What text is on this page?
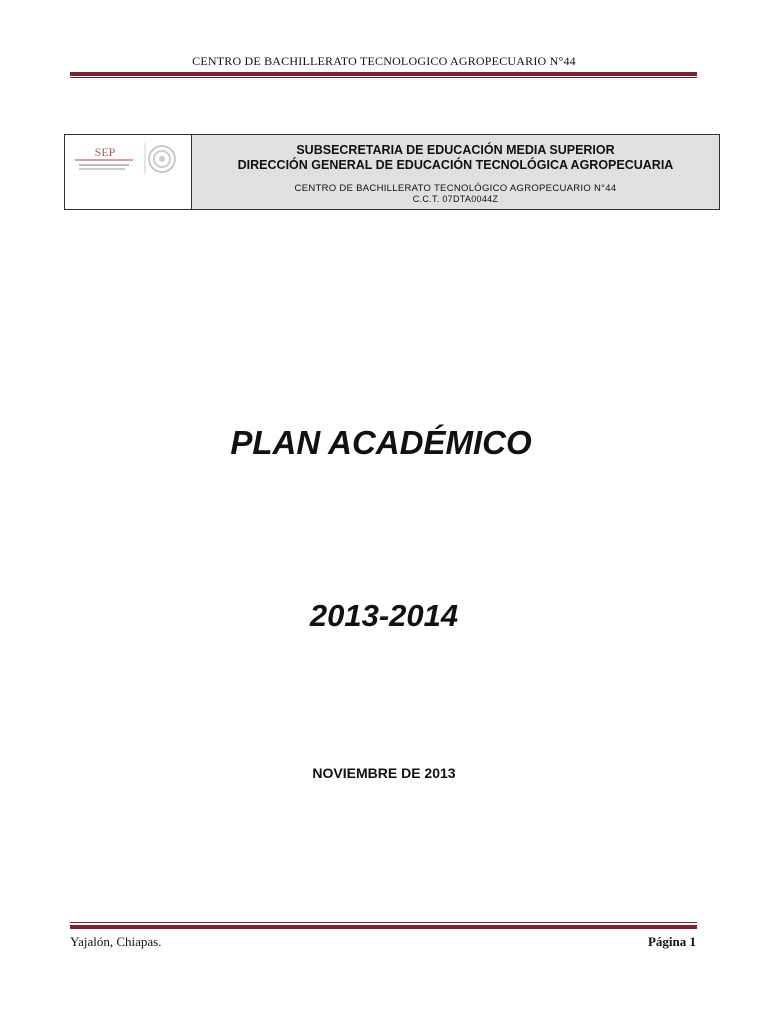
CENTRO DE BACHILLERATO TECNOLOGICO AGROPECUARIO N°44
SEP	SUBSECRETARIA DE EDUCACIÓN MEDIA SUPERIOR
DIRECCIÓN GENERAL DE EDUCACIÓN TECNOLÓGICA AGROPECUARIA
CENTRO DE BACHILLERATO TECNOLÓGICO AGROPECUARIO N°44
C.C.T. 07DTA0044Z
PLAN ACADÉMICO
2013-2014
NOVIEMBRE DE 2013
Yajalón, Chiapas.	Página 1
